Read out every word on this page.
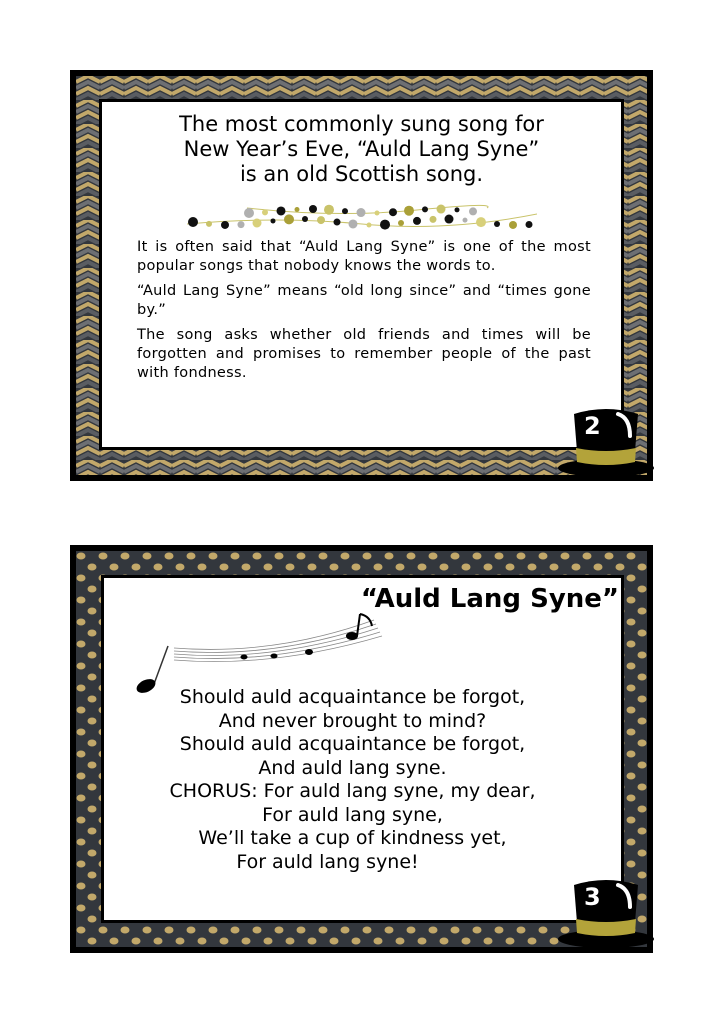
The most commonly sung song for
New Year’s Eve, “Auld Lang Syne”
is an old Scottish song.

It is often said that “Auld Lang Syne” is one of the most popular songs that nobody knows the words to.

“Auld Lang Syne” means “old long since” and “times gone by.”

The song asks whether old friends and times will be forgotten and promises to remember people of the past with fondness.

2
“Auld Lang Syne”
Should auld acquaintance be forgot,
And never brought to mind?
Should auld acquaintance be forgot,
And auld lang syne.
CHORUS: For auld lang syne, my dear,
For auld lang syne,
We’ll take a cup of kindness yet,
For auld lang syne!
3
